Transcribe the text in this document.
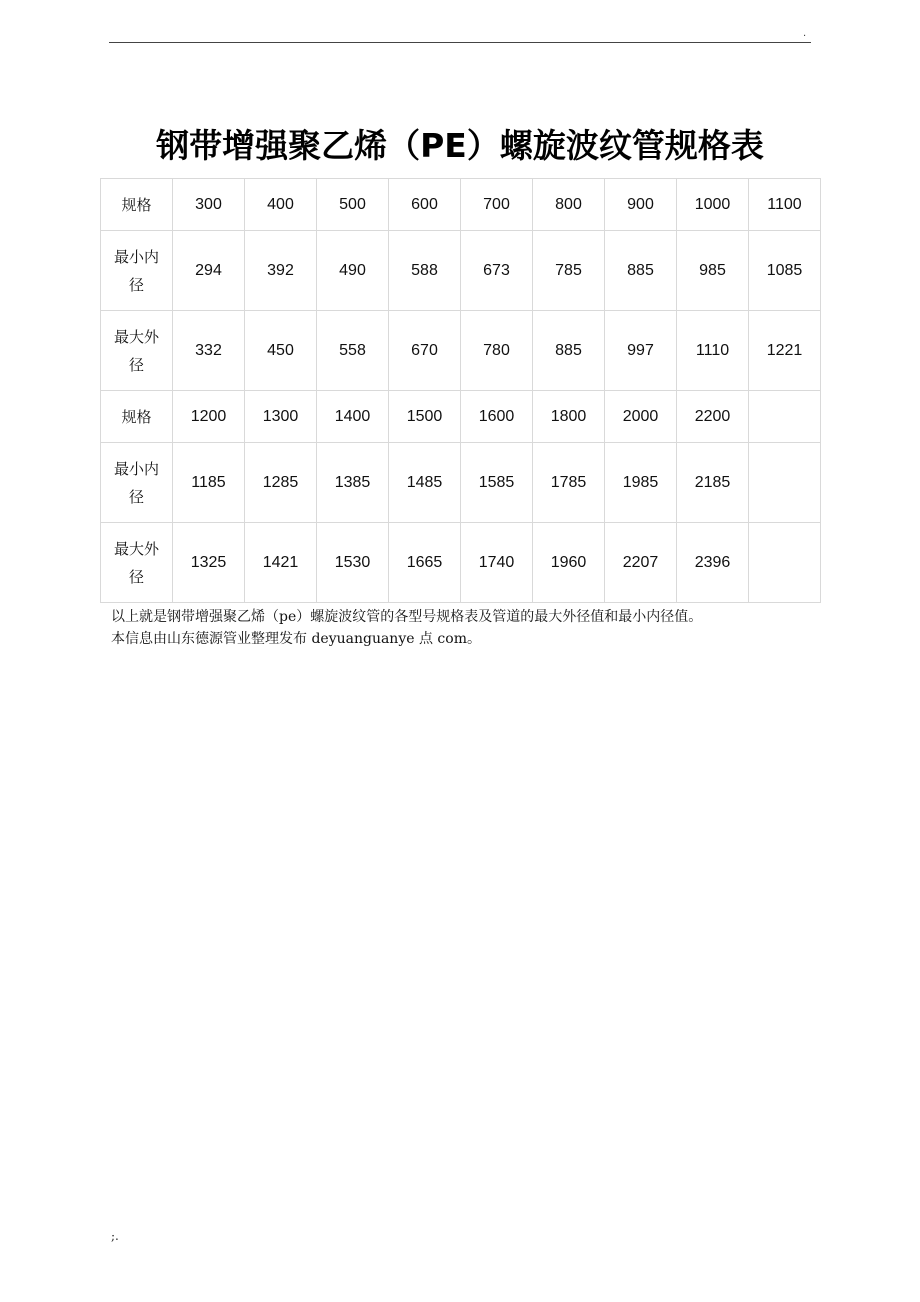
.
钢带增强聚乙烯（PE）螺旋波纹管规格表
规格	300	400	500	600	700	800	900	1000	1100
最小内径	294	392	490	588	673	785	885	985	1085
最大外径	332	450	558	670	780	885	997	1110	1221
规格	1200	1300	1400	1500	1600	1800	2000	2200	
最小内径	1185	1285	1385	1485	1585	1785	1985	2185	
最大外径	1325	1421	1530	1665	1740	1960	2207	2396	
以上就是钢带增强聚乙烯（pe）螺旋波纹管的各型号规格表及管道的最大外径值和最小内径值。
本信息由山东德源管业整理发布 deyuanguanye 点 com。
;.
